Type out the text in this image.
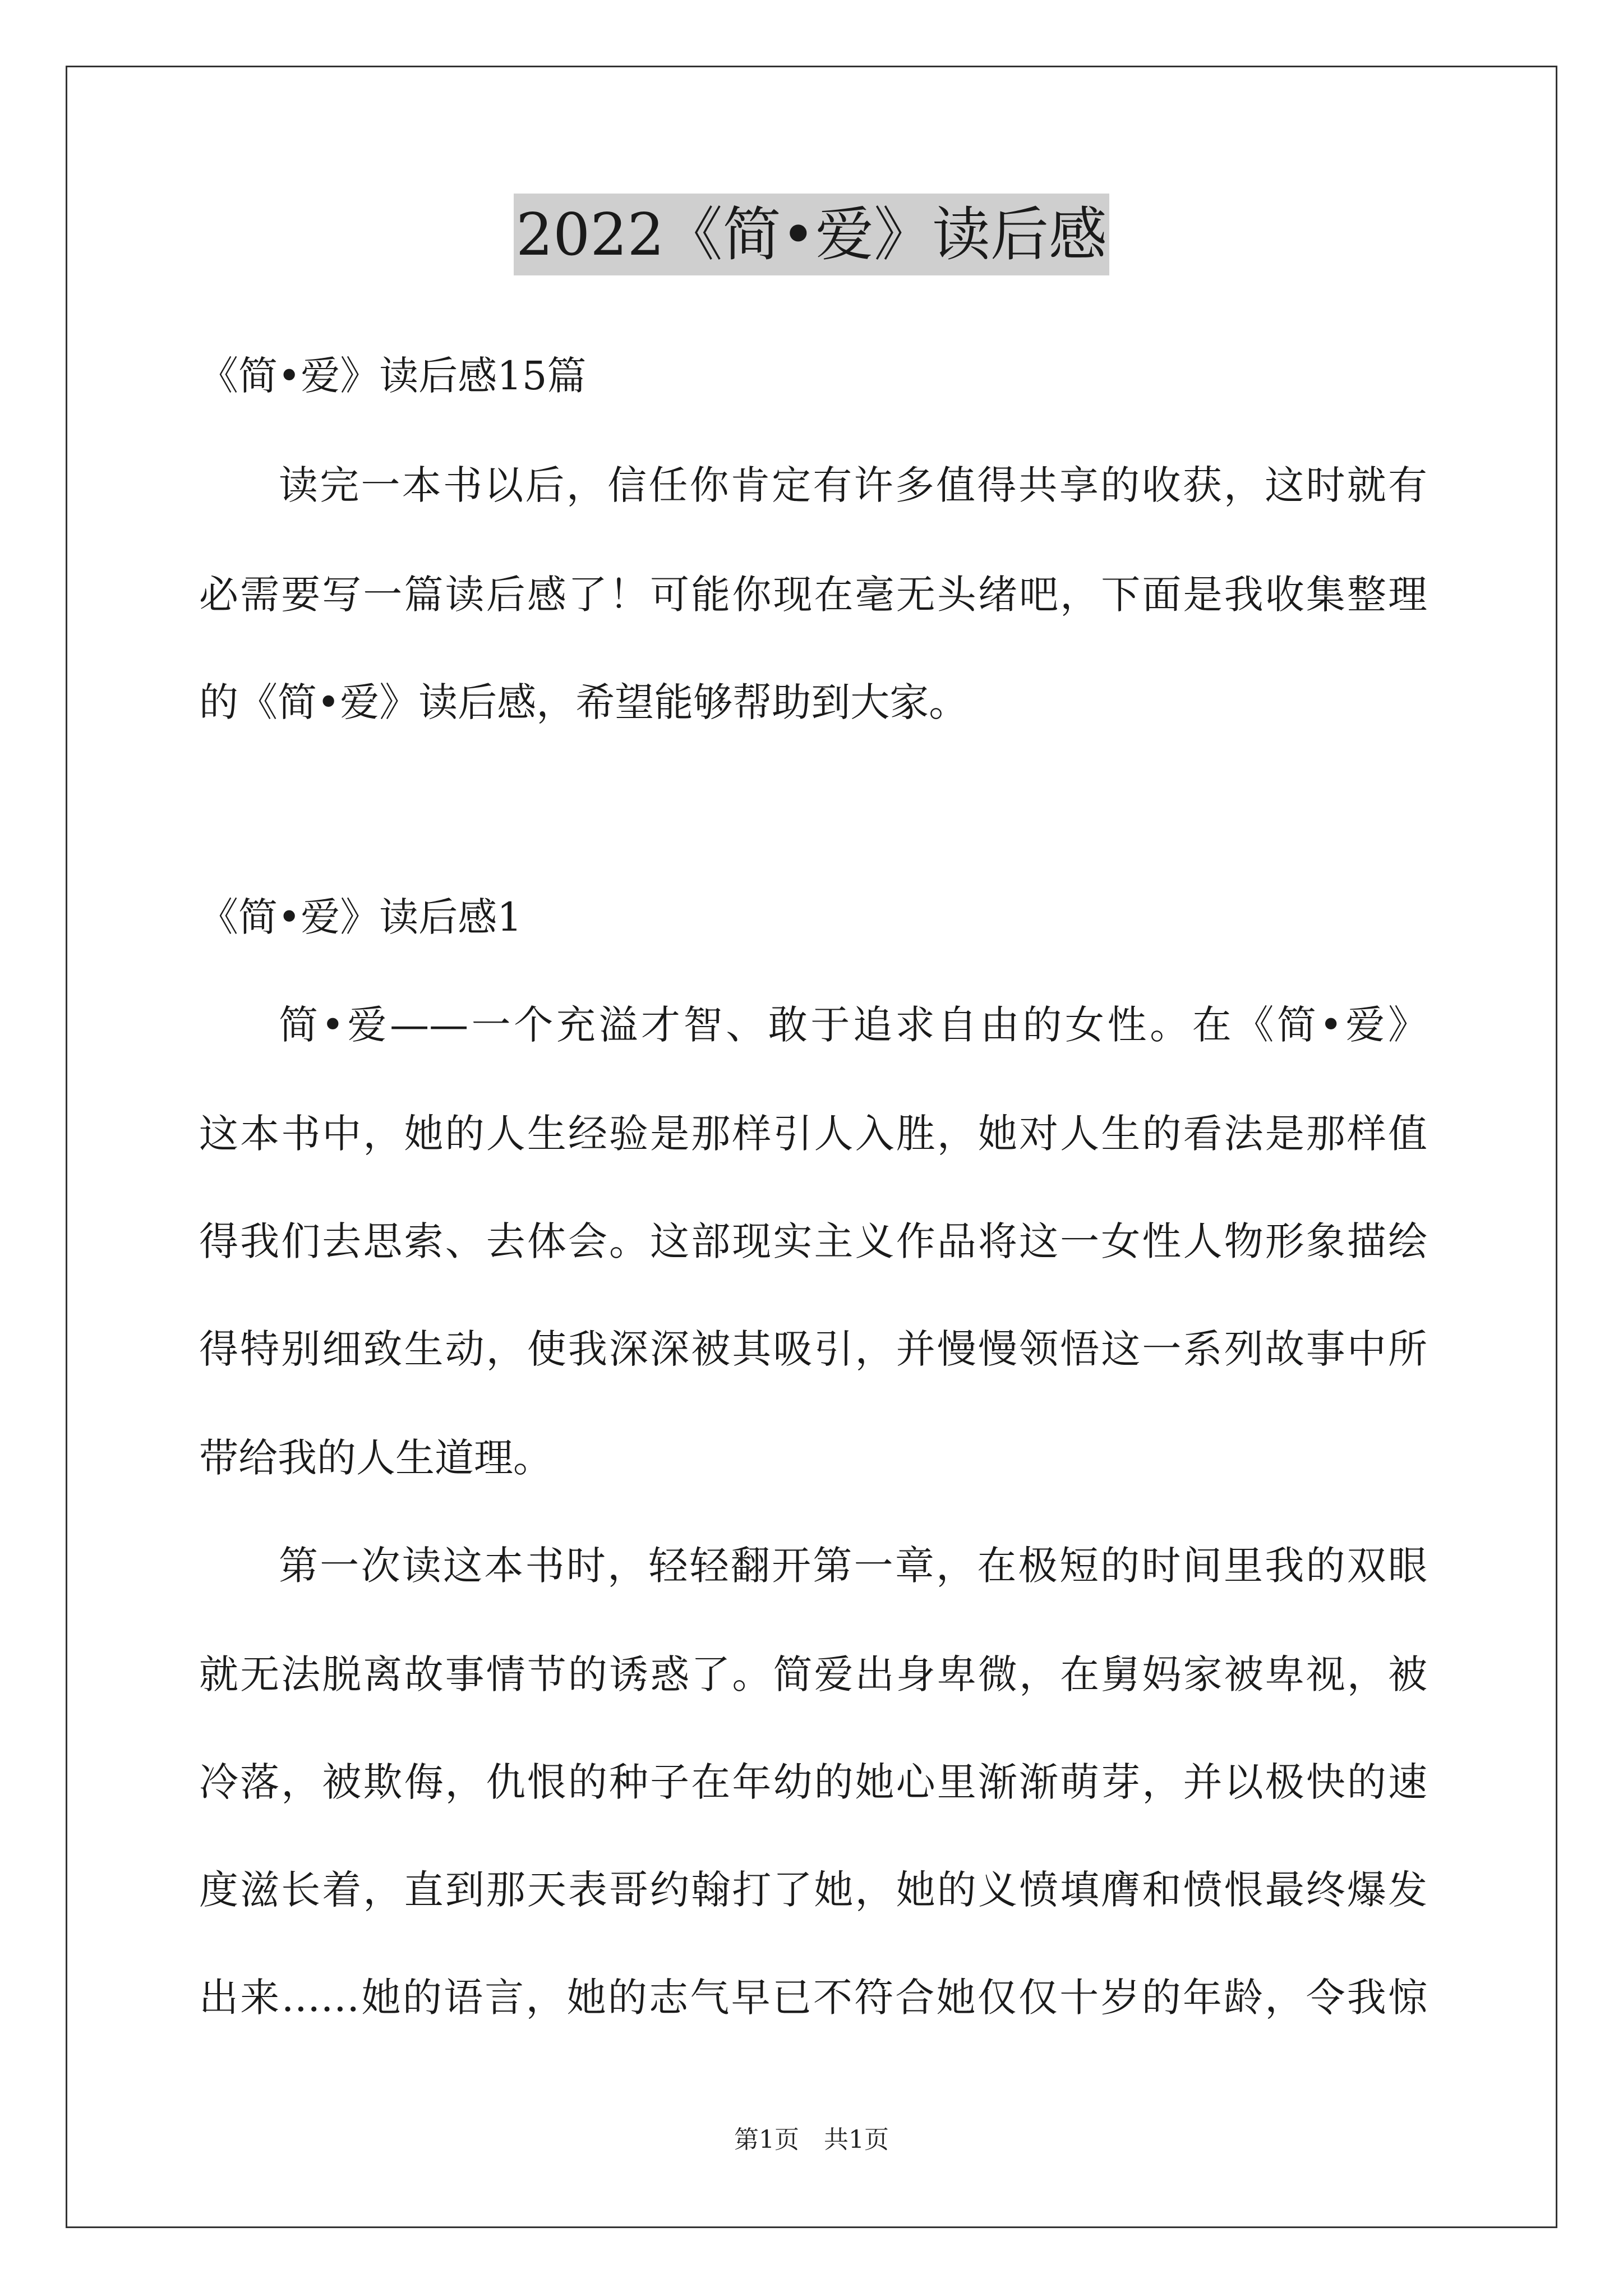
2022《简•爱》读后感
《简•爱》读后感15篇
读完一本书以后，信任你肯定有许多值得共享的收获，这时就有
必需要写一篇读后感了！可能你现在毫无头绪吧，下面是我收集整理
的《简•爱》读后感，希望能够帮助到大家。
《简•爱》读后感1
简•爱——一个充溢才智、敢于追求自由的女性。在《简•爱》
这本书中，她的人生经验是那样引人入胜，她对人生的看法是那样值
得我们去思索、去体会。这部现实主义作品将这一女性人物形象描绘
得特别细致生动，使我深深被其吸引，并慢慢领悟这一系列故事中所
带给我的人生道理。
第一次读这本书时，轻轻翻开第一章，在极短的时间里我的双眼
就无法脱离故事情节的诱惑了。简爱出身卑微，在舅妈家被卑视，被
冷落，被欺侮，仇恨的种子在年幼的她心里渐渐萌芽，并以极快的速
度滋长着，直到那天表哥约翰打了她，她的义愤填膺和愤恨最终爆发
出来……她的语言，她的志气早已不符合她仅仅十岁的年龄，令我惊
第1页　共1页
